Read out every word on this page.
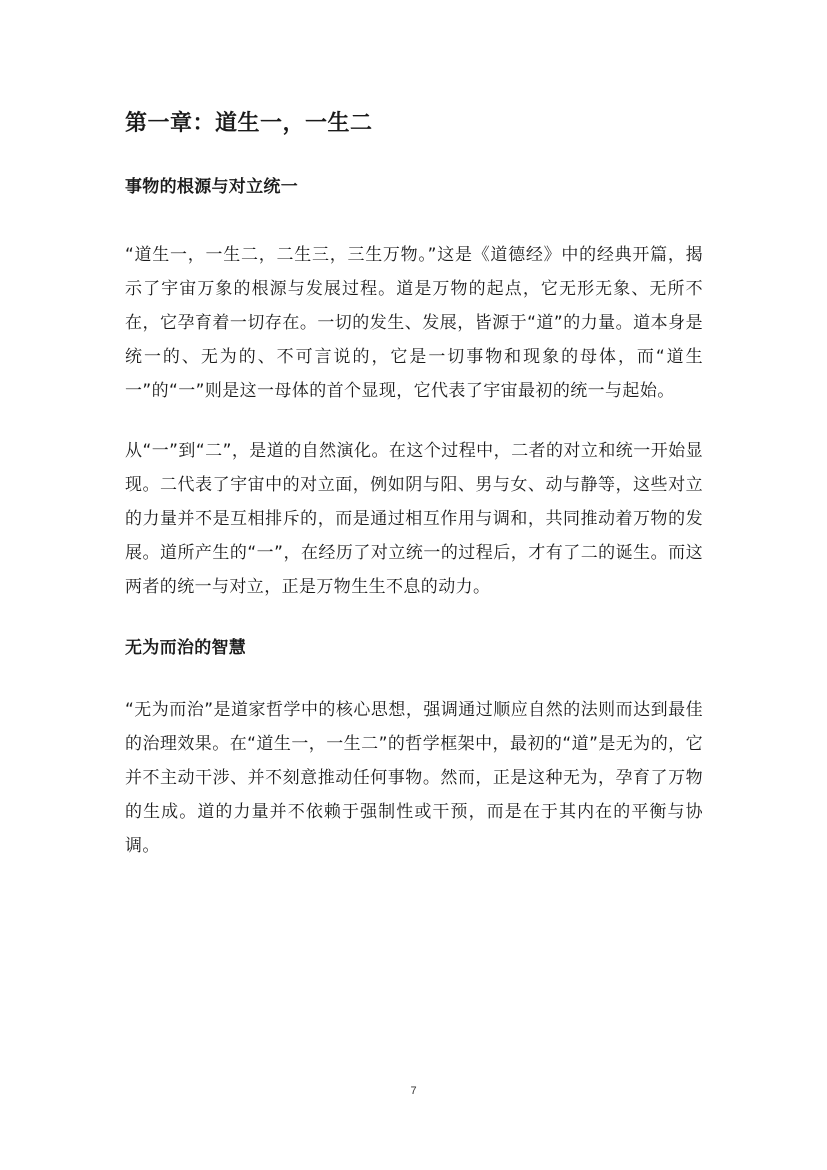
第一章：道生一，一生二
事物的根源与对立统一

“道生一，一生二，二生三，三生万物。”这是《道德经》中的经典开篇，揭示了宇宙万象的根源与发展过程。道是万物的起点，它无形无象、无所不在，它孕育着一切存在。一切的发生、发展，皆源于“道”的力量。道本身是统一的、无为的、不可言说的，它是一切事物和现象的母体，而“道生一”的“一”则是这一母体的首个显现，它代表了宇宙最初的统一与起始。

从“一”到“二”，是道的自然演化。在这个过程中，二者的对立和统一开始显现。二代表了宇宙中的对立面，例如阴与阳、男与女、动与静等，这些对立的力量并不是互相排斥的，而是通过相互作用与调和，共同推动着万物的发展。道所产生的“一”，在经历了对立统一的过程后，才有了二的诞生。而这两者的统一与对立，正是万物生生不息的动力。

无为而治的智慧

“无为而治”是道家哲学中的核心思想，强调通过顺应自然的法则而达到最佳的治理效果。在“道生一，一生二”的哲学框架中，最初的“道”是无为的，它并不主动干涉、并不刻意推动任何事物。然而，正是这种无为，孕育了万物的生成。道的力量并不依赖于强制性或干预，而是在于其内在的平衡与协调。

7
